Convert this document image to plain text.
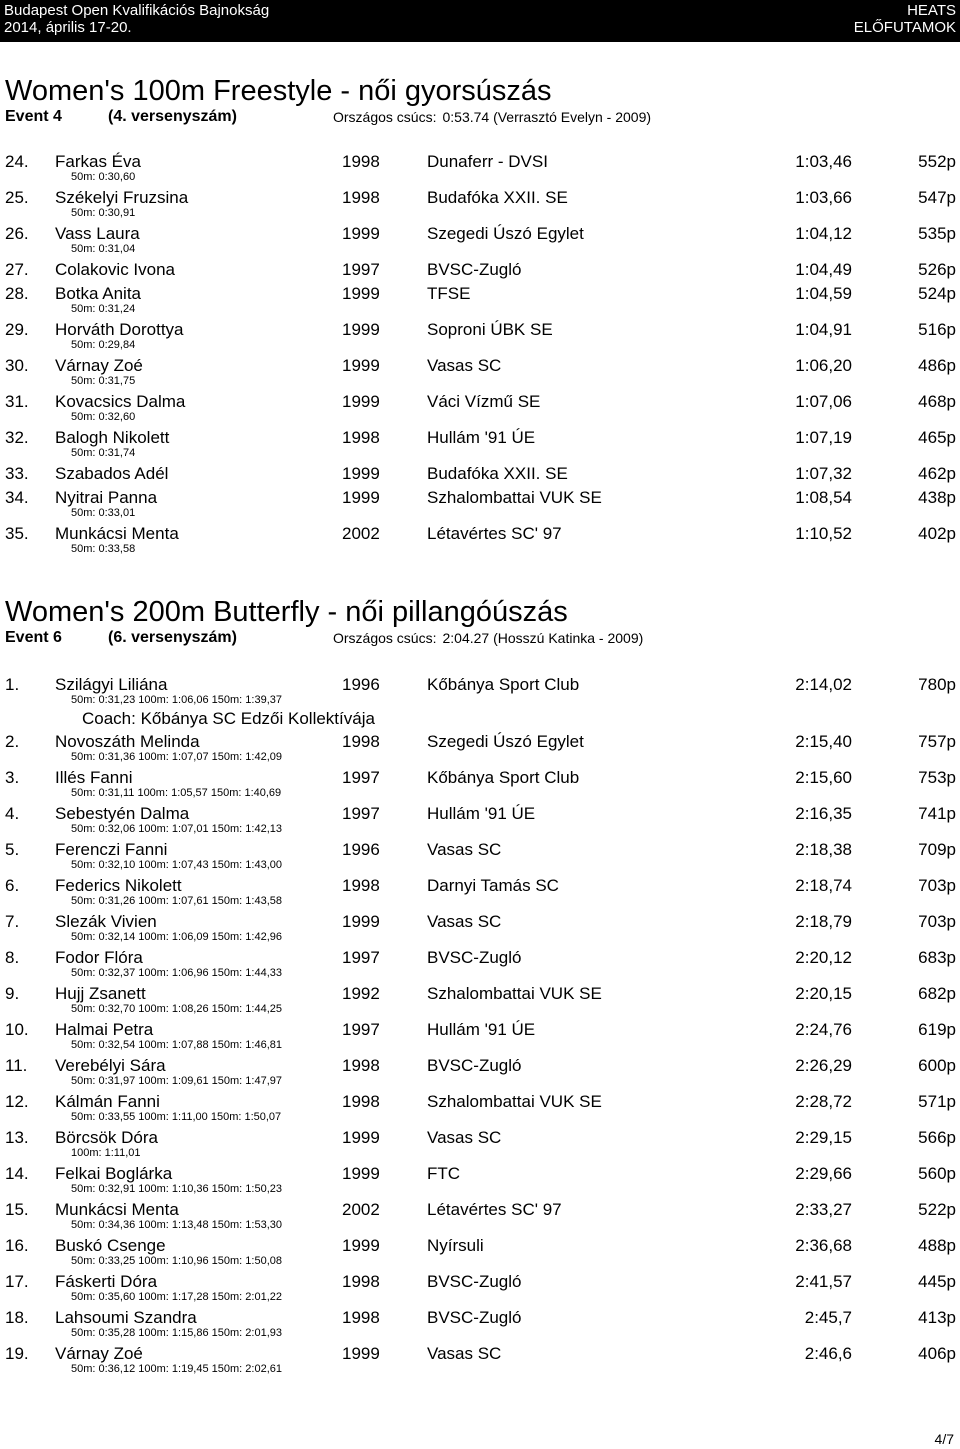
Budapest Open Kvalifikációs Bajnokság
2014, április 17-20.
HEATS
ELŐFUTAMOK
Women's 100m Freestyle - női gyorsúszás
Event 4	(4. versenyszám)	Országos csúcs: 0:53.74 (Verrasztó Evelyn - 2009)
24. Farkas Éva	1998	Dunaferr - DVSI	1:03,46	552p
50m: 0:30,60
25. Székelyi Fruzsina	1998	Budafóka XXII. SE	1:03,66	547p
50m: 0:30,91
26. Vass Laura	1999	Szegedi Úszó Egylet	1:04,12	535p
50m: 0:31,04
27. Colakovic Ivona	1997	BVSC-Zugló	1:04,49	526p
28. Botka Anita	1999	TFSE	1:04,59	524p
50m: 0:31,24
29. Horváth Dorottya	1999	Soproni ÚBK SE	1:04,91	516p
50m: 0:29,84
30. Várnay Zoé	1999	Vasas SC	1:06,20	486p
50m: 0:31,75
31. Kovacsics Dalma	1999	Váci Vízmű SE	1:07,06	468p
50m: 0:32,60
32. Balogh Nikolett	1998	Hullám '91 ÚE	1:07,19	465p
50m: 0:31,74
33. Szabados Adél	1999	Budafóka XXII. SE	1:07,32	462p
34. Nyitrai Panna	1999	Szhalombattai VUK SE	1:08,54	438p
50m: 0:33,01
35. Munkácsi Menta	2002	Létavértes SC' 97	1:10,52	402p
50m: 0:33,58
Women's 200m Butterfly - női pillangóúszás
Event 6	(6. versenyszám)	Országos csúcs: 2:04.27 (Hosszú Katinka - 2009)
1. Szilágyi Liliána	1996	Kőbánya Sport Club	2:14,02	780p
50m: 0:31,23 100m: 1:06,06 150m: 1:39,37
Coach: Kőbánya SC Edzői Kollektívája
2. Novoszáth Melinda	1998	Szegedi Úszó Egylet	2:15,40	757p
50m: 0:31,36 100m: 1:07,07 150m: 1:42,09
3. Illés Fanni	1997	Kőbánya Sport Club	2:15,60	753p
50m: 0:31,11 100m: 1:05,57 150m: 1:40,69
4. Sebestyén Dalma	1997	Hullám '91 ÚE	2:16,35	741p
50m: 0:32,06 100m: 1:07,01 150m: 1:42,13
5. Ferenczi Fanni	1996	Vasas SC	2:18,38	709p
50m: 0:32,10 100m: 1:07,43 150m: 1:43,00
6. Federics Nikolett	1998	Darnyi Tamás SC	2:18,74	703p
50m: 0:31,26 100m: 1:07,61 150m: 1:43,58
7. Slezák Vivien	1999	Vasas SC	2:18,79	703p
50m: 0:32,14 100m: 1:06,09 150m: 1:42,96
8. Fodor Flóra	1997	BVSC-Zugló	2:20,12	683p
50m: 0:32,37 100m: 1:06,96 150m: 1:44,33
9. Hujj Zsanett	1992	Szhalombattai VUK SE	2:20,15	682p
50m: 0:32,70 100m: 1:08,26 150m: 1:44,25
10. Halmai Petra	1997	Hullám '91 ÚE	2:24,76	619p
50m: 0:32,54 100m: 1:07,88 150m: 1:46,81
11. Verebélyi Sára	1998	BVSC-Zugló	2:26,29	600p
50m: 0:31,97 100m: 1:09,61 150m: 1:47,97
12. Kálmán Fanni	1998	Szhalombattai VUK SE	2:28,72	571p
50m: 0:33,55 100m: 1:11,00 150m: 1:50,07
13. Börcsök Dóra	1999	Vasas SC	2:29,15	566p
100m: 1:11,01
14. Felkai Boglárka	1999	FTC	2:29,66	560p
50m: 0:32,91 100m: 1:10,36 150m: 1:50,23
15. Munkácsi Menta	2002	Létavértes SC' 97	2:33,27	522p
50m: 0:34,36 100m: 1:13,48 150m: 1:53,30
16. Buskó Csenge	1999	Nyírsuli	2:36,68	488p
50m: 0:33,25 100m: 1:10,96 150m: 1:50,08
17. Fáskerti Dóra	1998	BVSC-Zugló	2:41,57	445p
50m: 0:35,60 100m: 1:17,28 150m: 2:01,22
18. Lahsoumi Szandra	1998	BVSC-Zugló	2:45,7	413p
50m: 0:35,28 100m: 1:15,86 150m: 2:01,93
19. Várnay Zoé	1999	Vasas SC	2:46,6	406p
50m: 0:36,12 100m: 1:19,45 150m: 2:02,61
4/7
